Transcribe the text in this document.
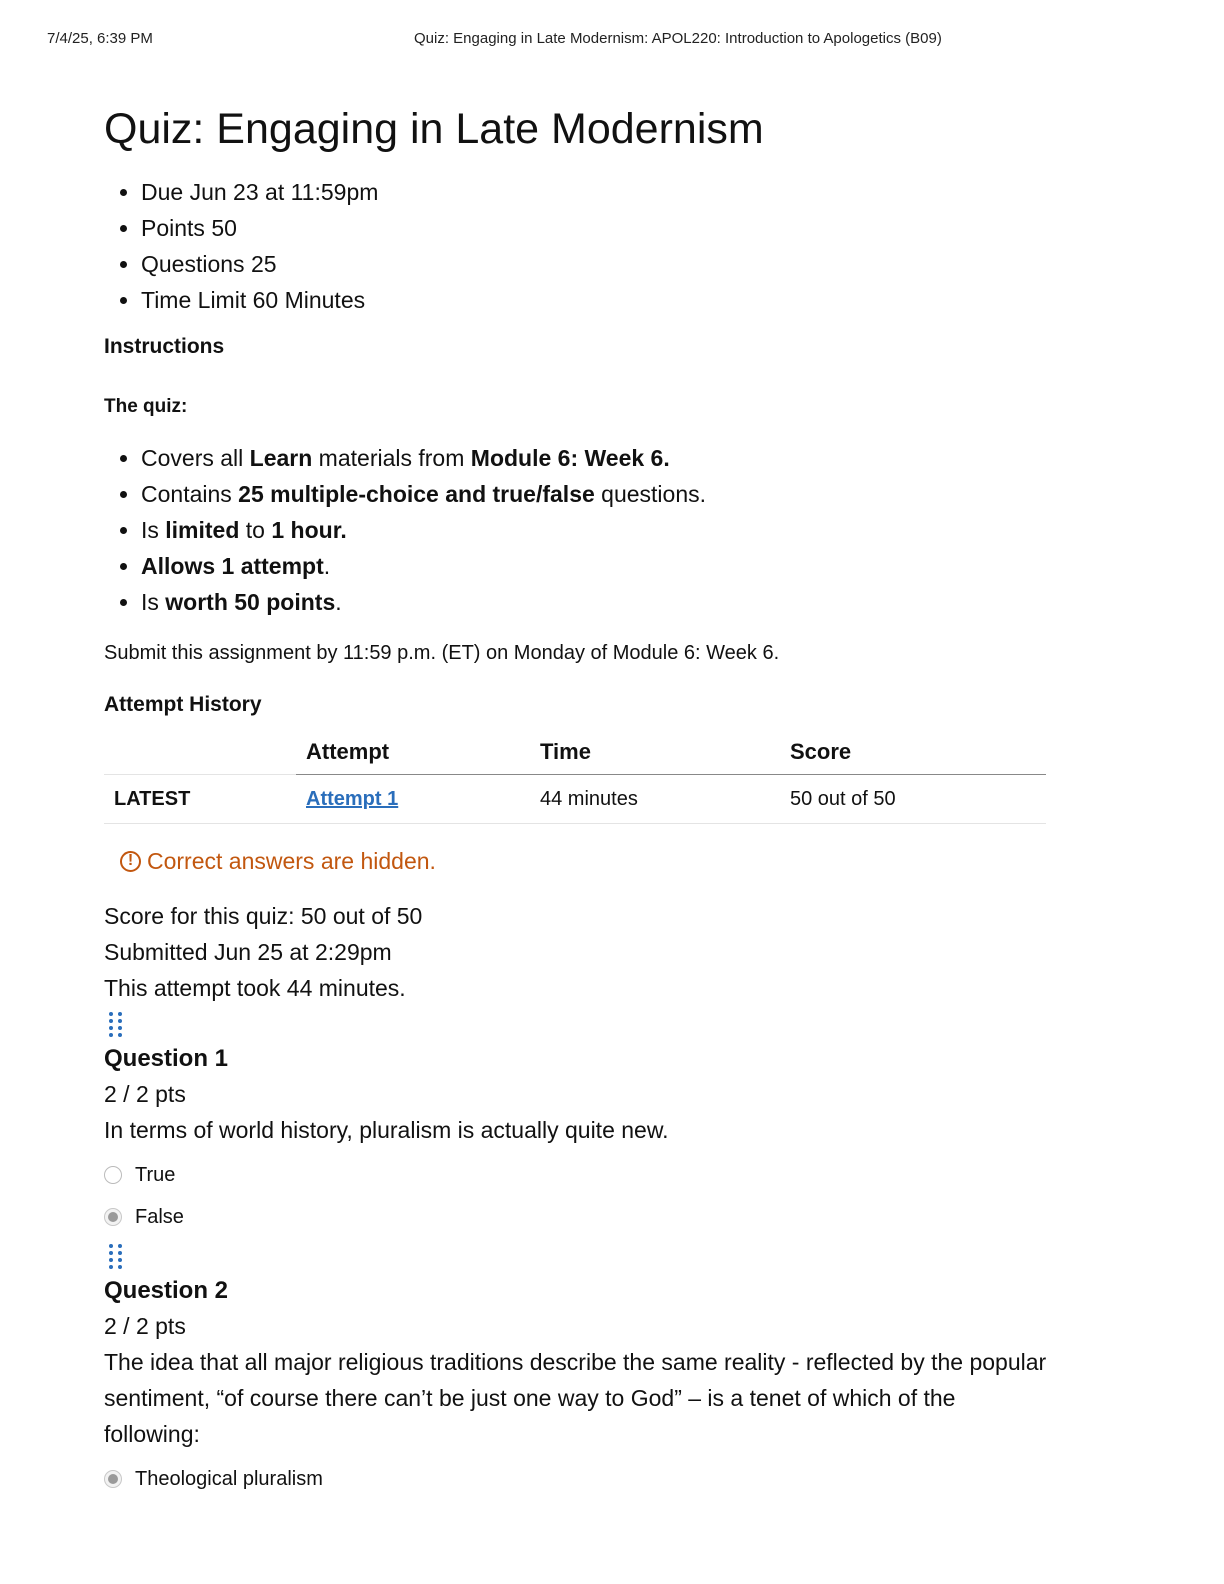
7/4/25, 6:39 PM	Quiz: Engaging in Late Modernism: APOL220: Introduction to Apologetics (B09)
Quiz: Engaging in Late Modernism
• Due Jun 23 at 11:59pm
• Points 50
• Questions 25
• Time Limit 60 Minutes
Instructions
The quiz:
• Covers all Learn materials from Module 6: Week 6.
• Contains 25 multiple-choice and true/false questions.
• Is limited to 1 hour.
• Allows 1 attempt.
• Is worth 50 points.
Submit this assignment by 11:59 p.m. (ET) on Monday of Module 6: Week 6.
Attempt History
	Attempt	Time	Score
LATEST	Attempt 1	44 minutes	50 out of 50
! Correct answers are hidden.
Score for this quiz: 50 out of 50
Submitted Jun 25 at 2:29pm
This attempt took 44 minutes.
Question 1
2 / 2 pts
In terms of world history, pluralism is actually quite new.
True
False
Question 2
2 / 2 pts
The idea that all major religious traditions describe the same reality - reflected by the popular sentiment, “of course there can’t be just one way to God” – is a tenet of which of the following:
Theological pluralism
